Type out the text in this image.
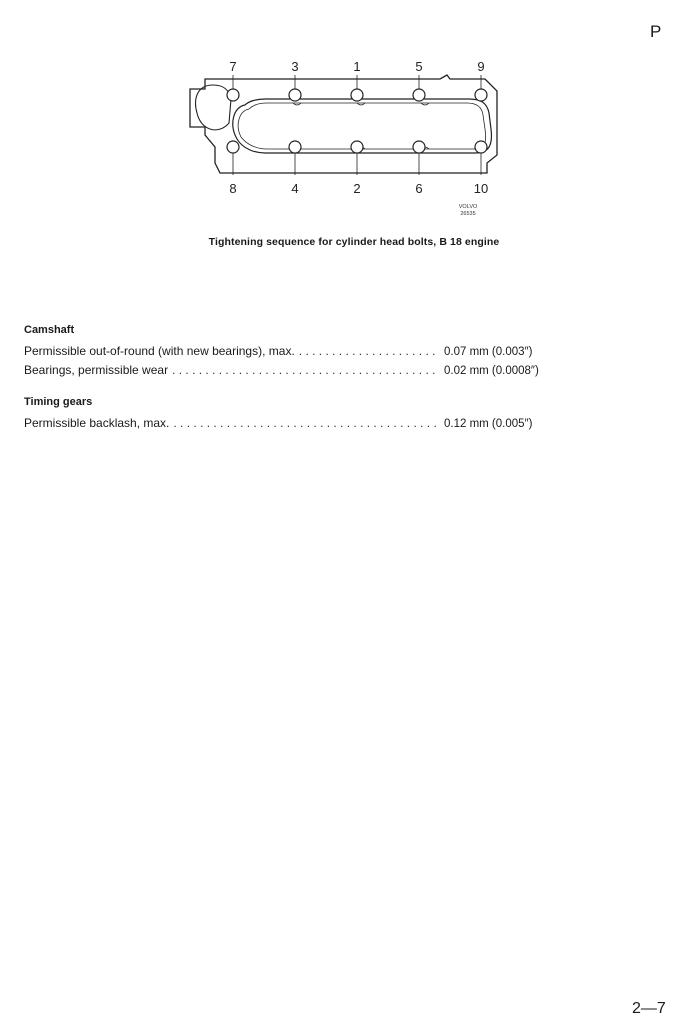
P
7	3	1	5	9
8	4	2	6	10
VOLVO
26535
Tightening sequence for cylinder head bolts, B 18 engine
Camshaft
Permissible out-of-round (with new bearings), max. . . .	0.07 mm (0.003″)
Bearings, permissible wear . . .	0.02 mm (0.0008″)
Timing gears
Permissible backlash, max. . . .	0.12 mm (0.005″)
2—7
